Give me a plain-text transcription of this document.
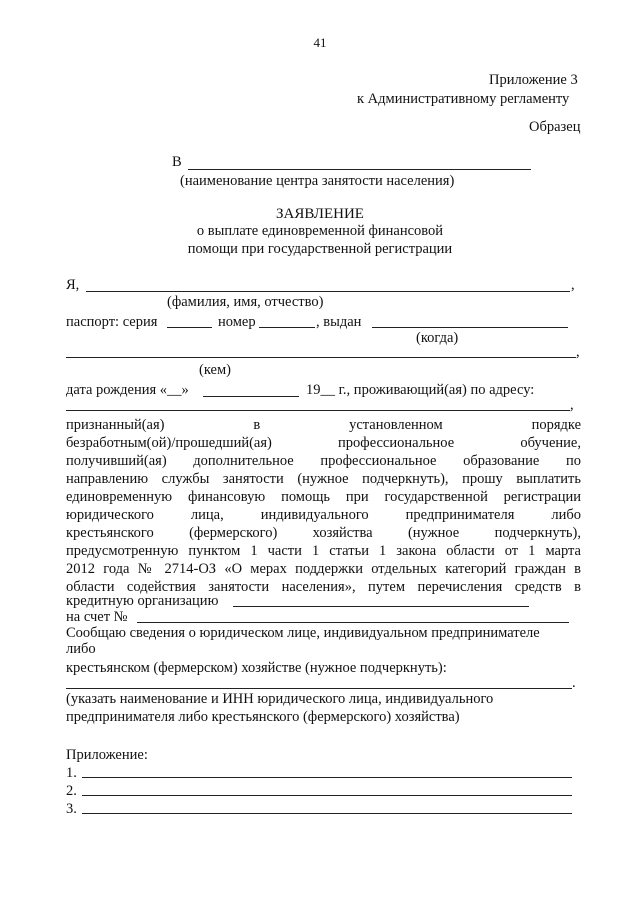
41
Приложение 3
к Административному регламенту
Образец
В
(наименование центра занятости населения)
ЗАЯВЛЕНИЕ
о выплате единовременной финансовой
помощи при государственной регистрации
Я,	,
(фамилия, имя, отчество)
паспорт: серия	номер	, выдан
(когда)
,
(кем)
дата рождения «__»	19__ г., проживающий(ая) по адресу:
,
признанный(ая) в установленном порядке
безработным(ой)/прошедший(ая) профессиональное обучение,
получивший(ая) дополнительное профессиональное образование по
направлению службы занятости (нужное подчеркнуть), прошу выплатить
единовременную финансовую помощь при государственной регистрации
юридического лица, индивидуального предпринимателя либо
крестьянского (фермерского) хозяйства (нужное подчеркнуть),
предусмотренную пунктом 1 части 1 статьи 1 закона области от 1 марта
2012 года № 2714-ОЗ «О мерах поддержки отдельных категорий граждан в
области содействия занятости населения», путем перечисления средств в
кредитную организацию
на счет №
Сообщаю сведения о юридическом лице, индивидуальном предпринимателе
либо
крестьянском (фермерском) хозяйстве (нужное подчеркнуть):
.
(указать наименование и ИНН юридического лица, индивидуального
предпринимателя либо крестьянского (фермерского) хозяйства)
Приложение:
1.
2.
3.
